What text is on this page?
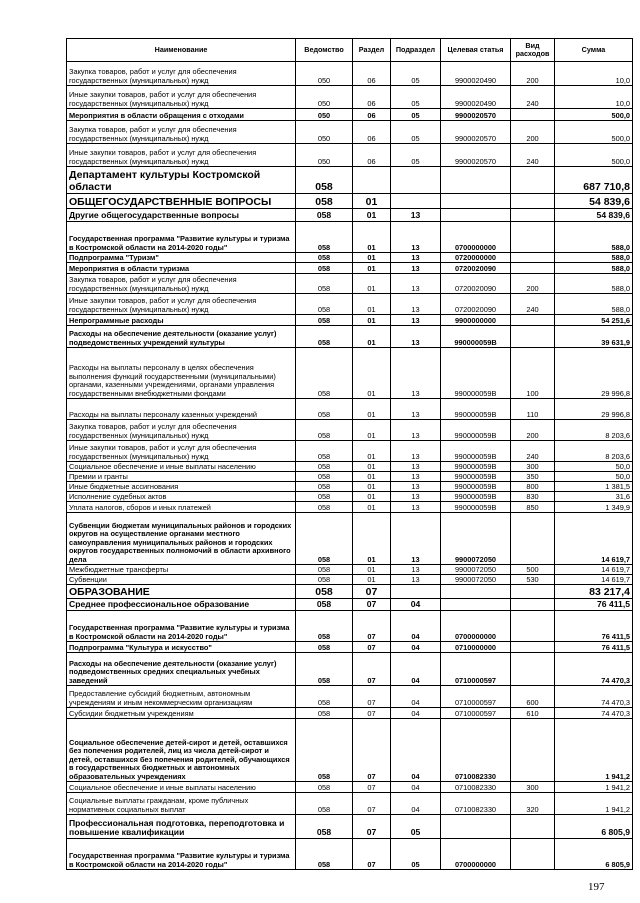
Наименование	Ведомство	Раздел	Подраздел	Целевая статья	Вид расходов	Сумма
Закупка товаров, работ и услуг для обеспечения государственных (муниципальных) нужд	050	06	05	9900020490	200	10,0
Иные закупки товаров, работ и услуг для обеспечения государственных (муниципальных) нужд	050	06	05	9900020490	240	10,0
Мероприятия в области обращения с отходами	050	06	05	9900020570		500,0
Закупка товаров, работ и услуг для обеспечения государственных (муниципальных) нужд	050	06	05	9900020570	200	500,0
Иные закупки товаров, работ и услуг для обеспечения государственных (муниципальных) нужд	050	06	05	9900020570	240	500,0
Департамент культуры Костромской области	058					687 710,8
ОБЩЕГОСУДАРСТВЕННЫЕ ВОПРОСЫ	058	01				54 839,6
Другие общегосударственные вопросы	058	01	13			54 839,6
Государственная программа "Развитие культуры и туризма в Костромской области на 2014-2020 годы"	058	01	13	0700000000		588,0
Подпрограмма "Туризм"	058	01	13	0720000000		588,0
Мероприятия в области туризма	058	01	13	0720020090		588,0
Закупка товаров, работ и услуг для обеспечения государственных (муниципальных) нужд	058	01	13	0720020090	200	588,0
Иные закупки товаров, работ и услуг для обеспечения государственных (муниципальных) нужд	058	01	13	0720020090	240	588,0
Непрограммные расходы	058	01	13	9900000000		54 251,6
Расходы на обеспечение деятельности (оказание услуг) подведомственных учреждений культуры	058	01	13	990000059В		39 631,9
Расходы на выплаты персоналу в целях обеспечения выполнения функций государственными (муниципальными) органами, казенными учреждениями, органами управления государственными внебюджетными фондами	058	01	13	990000059В	100	29 996,8
Расходы на выплаты персоналу казенных учреждений	058	01	13	990000059В	110	29 996,8
Закупка товаров, работ и услуг для обеспечения государственных (муниципальных) нужд	058	01	13	990000059В	200	8 203,6
Иные закупки товаров, работ и услуг для обеспечения государственных (муниципальных) нужд	058	01	13	990000059В	240	8 203,6
Социальное обеспечение и иные выплаты населению	058	01	13	990000059В	300	50,0
Премии и гранты	058	01	13	990000059В	350	50,0
Иные бюджетные ассигнования	058	01	13	990000059В	800	1 381,5
Исполнение судебных актов	058	01	13	990000059В	830	31,6
Уплата налогов, сборов и иных платежей	058	01	13	990000059В	850	1 349,9
Субвенции бюджетам муниципальных районов и городских округов на осуществление органами местного самоуправления муниципальных районов и городских округов государственных полномочий в области архивного дела	058	01	13	9900072050		14 619,7
Межбюджетные трансферты	058	01	13	9900072050	500	14 619,7
Субвенции	058	01	13	9900072050	530	14 619,7
ОБРАЗОВАНИЕ	058	07				83 217,4
Среднее профессиональное образование	058	07	04			76 411,5
Государственная программа "Развитие культуры и туризма в Костромской области на 2014-2020 годы"	058	07	04	0700000000		76 411,5
Подпрограмма "Культура и искусство"	058	07	04	0710000000		76 411,5
Расходы на обеспечение деятельности (оказание услуг) подведомственных средних специальных учебных заведений	058	07	04	0710000597		74 470,3
Предоставление субсидий бюджетным, автономным учреждениям и иным некоммерческим организациям	058	07	04	0710000597	600	74 470,3
Субсидии бюджетным учреждениям	058	07	04	0710000597	610	74 470,3
Социальное обеспечение детей-сирот и детей, оставшихся без попечения родителей, лиц из числа детей-сирот и детей, оставшихся без попечения родителей, обучающихся в государственных бюджетных и автономных образовательных учреждениях	058	07	04	0710082330		1 941,2
Социальное обеспечение и иные выплаты населению	058	07	04	0710082330	300	1 941,2
Социальные выплаты гражданам, кроме публичных нормативных социальных выплат	058	07	04	0710082330	320	1 941,2
Профессиональная подготовка, переподготовка и повышение квалификации	058	07	05			6 805,9
Государственная программа "Развитие культуры и туризма в Костромской области на 2014-2020 годы"	058	07	05	0700000000		6 805,9
197
